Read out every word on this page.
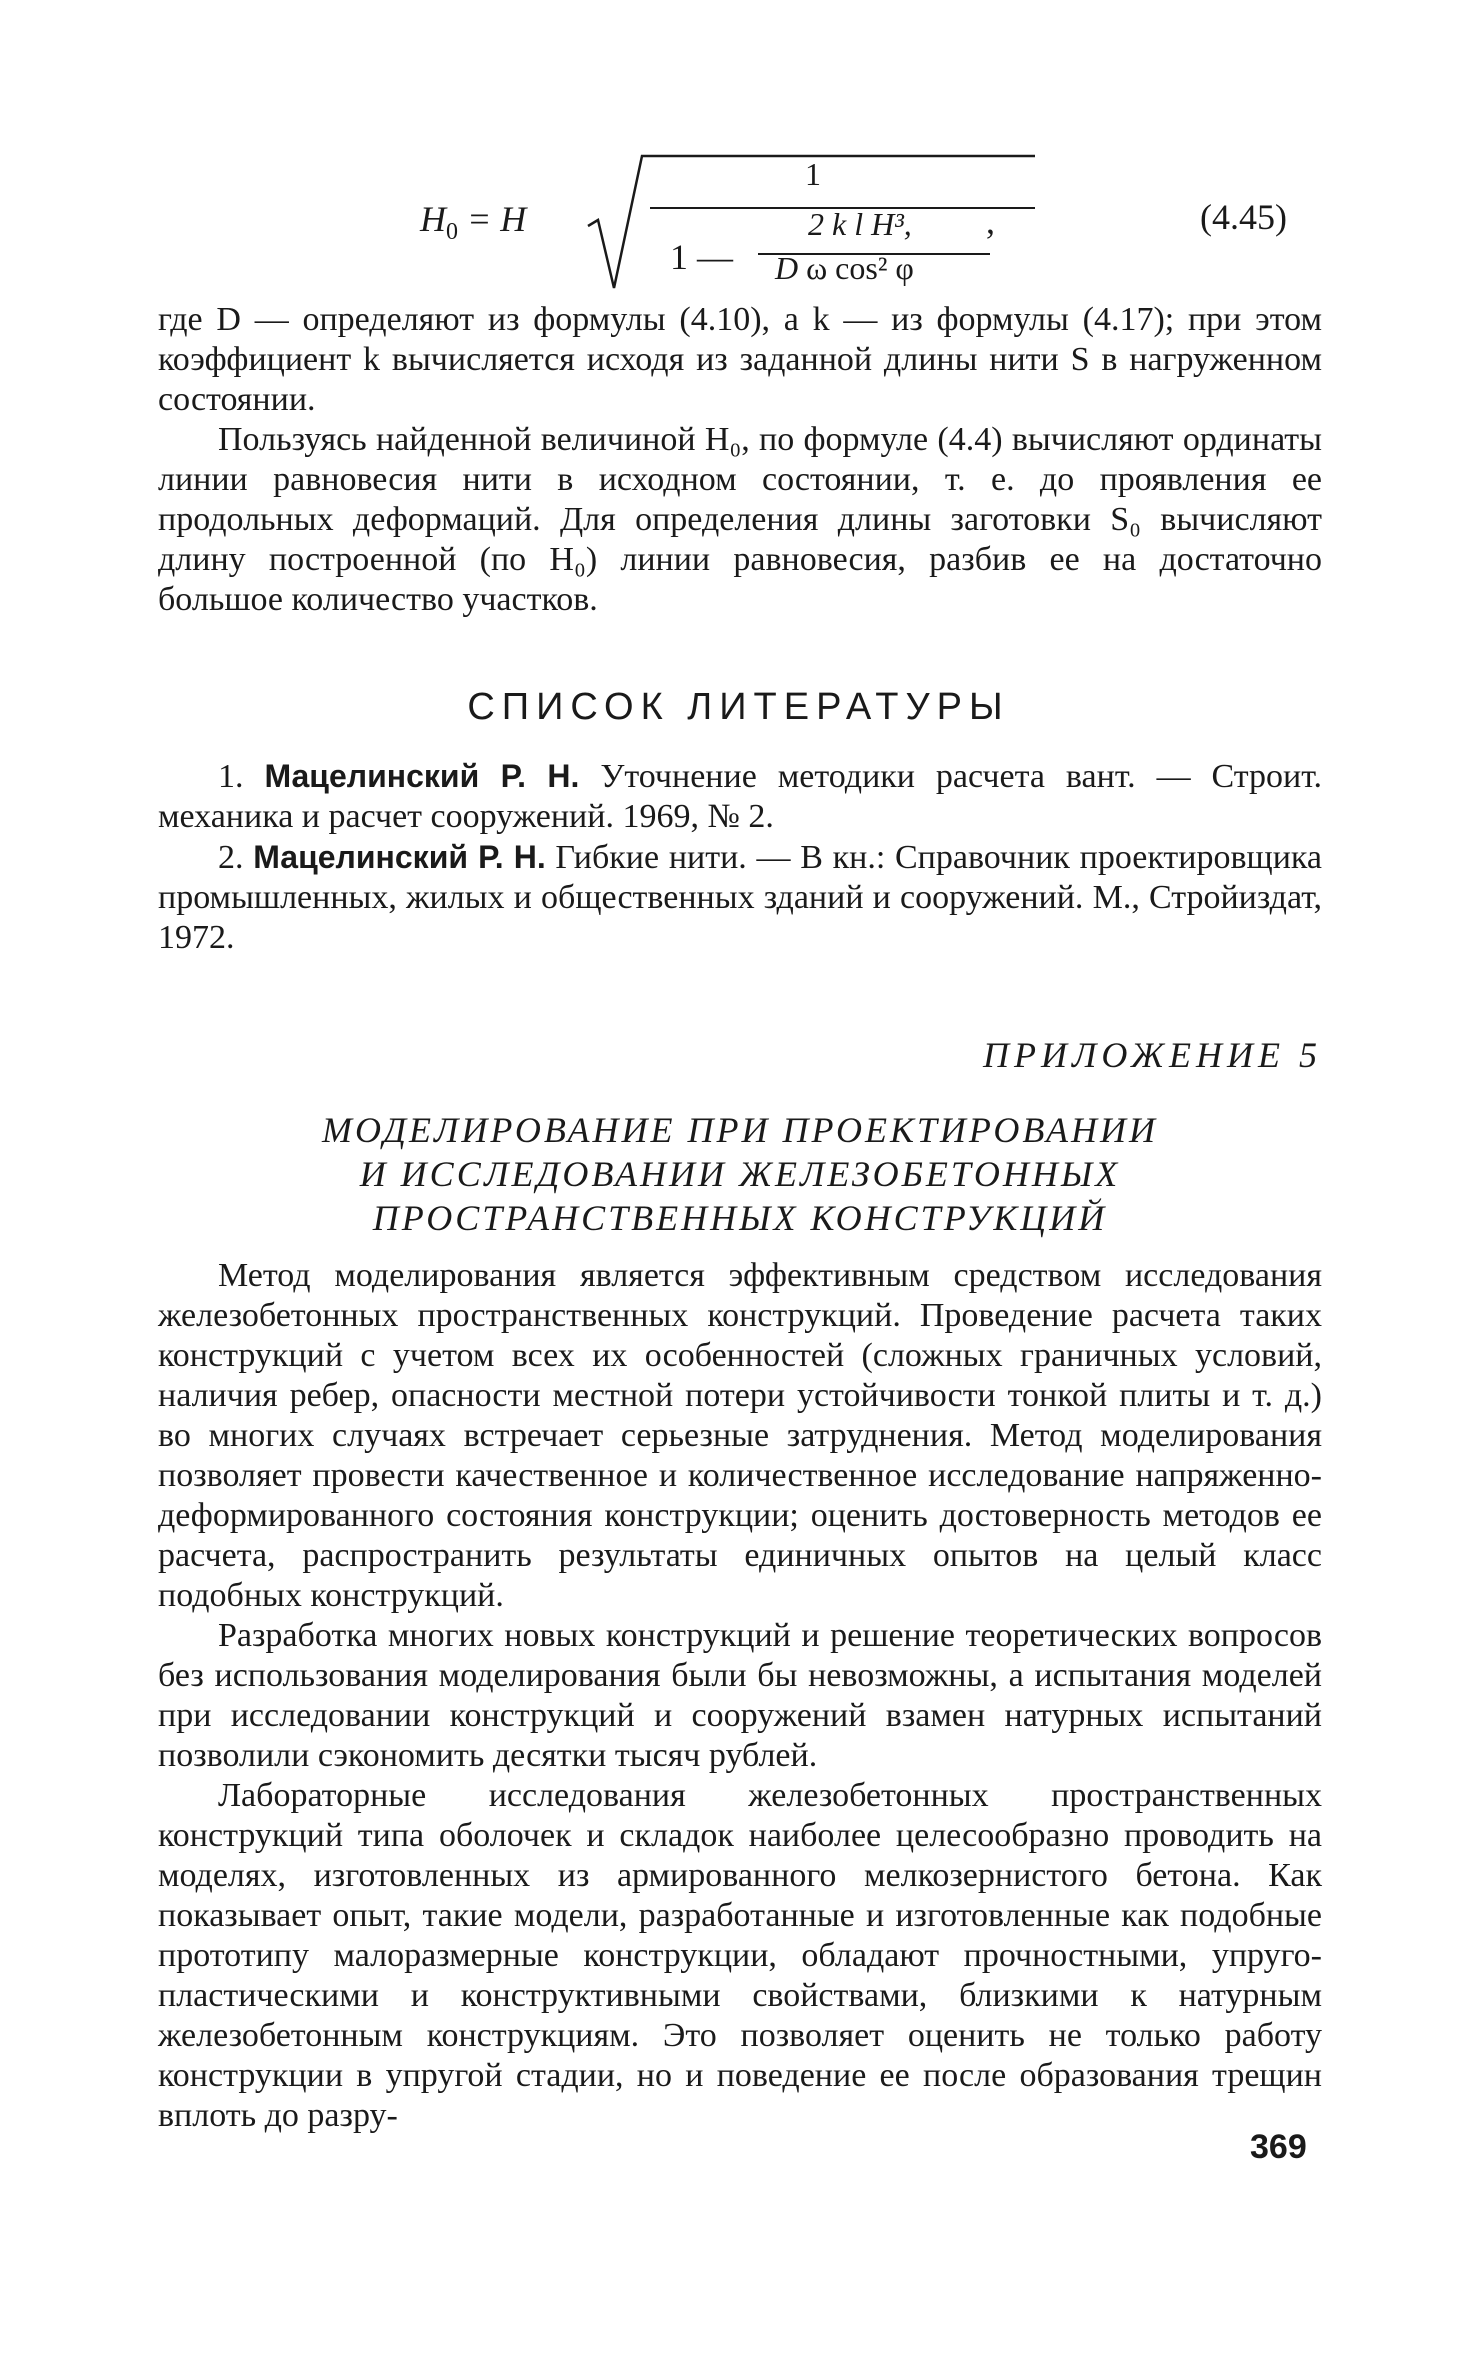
$H_0 = H$
1
1 —
2 k l H³,
D ω cos² φ
,	(4.45)

где D — определяют из формулы (4.10), а k — из формулы (4.17); при этом коэффициент k вычисляется исходя из заданной длины нити S в нагруженном состоянии.

Пользуясь найденной величиной H₀, по формуле (4.4) вычисляют ординаты линии равновесия нити в исходном состоянии, т. е. до проявления ее продольных деформаций. Для определения длины заготовки S₀ вычисляют длину построенной (по H₀) линии равновесия, разбив ее на достаточно большое количество участков.

СПИСОК ЛИТЕРАТУРЫ

1. Мацелинский Р. Н. Уточнение методики расчета вант. — Строит. механика и расчет сооружений. 1969, № 2.

2. Мацелинский Р. Н. Гибкие нити. — В кн.: Справочник проектировщика промышленных, жилых и общественных зданий и сооружений. М., Стройиздат, 1972.

ПРИЛОЖЕНИЕ 5
МОДЕЛИРОВАНИЕ ПРИ ПРОЕКТИРОВАНИИ
И ИССЛЕДОВАНИИ ЖЕЛЕЗОБЕТОННЫХ
ПРОСТРАНСТВЕННЫХ КОНСТРУКЦИЙ

Метод моделирования является эффективным средством исследования железобетонных пространственных конструкций. Проведение расчета таких конструкций с учетом всех их особенностей (сложных граничных условий, наличия ребер, опасности местной потери устойчивости тонкой плиты и т. д.) во многих случаях встречает серьезные затруднения. Метод моделирования позволяет провести качественное и количественное исследование напряженно-деформированного состояния конструкции; оценить достоверность методов ее расчета, распространить результаты единичных опытов на целый класс подобных конструкций.

Разработка многих новых конструкций и решение теоретических вопросов без использования моделирования были бы невозможны, а испытания моделей при исследовании конструкций и сооружений взамен натурных испытаний позволили сэкономить десятки тысяч рублей.

Лабораторные исследования железобетонных пространственных конструкций типа оболочек и складок наиболее целесообразно проводить на моделях, изготовленных из армированного мелкозернистого бетона. Как показывает опыт, такие модели, разработанные и изготовленные как подобные прототипу малоразмерные конструкции, обладают прочностными, упруго-пластическими и конструктивными свойствами, близкими к натурным железобетонным конструкциям. Это позволяет оценить не только работу конструкции в упругой стадии, но и поведение ее после образования трещин вплоть до разру-

369
